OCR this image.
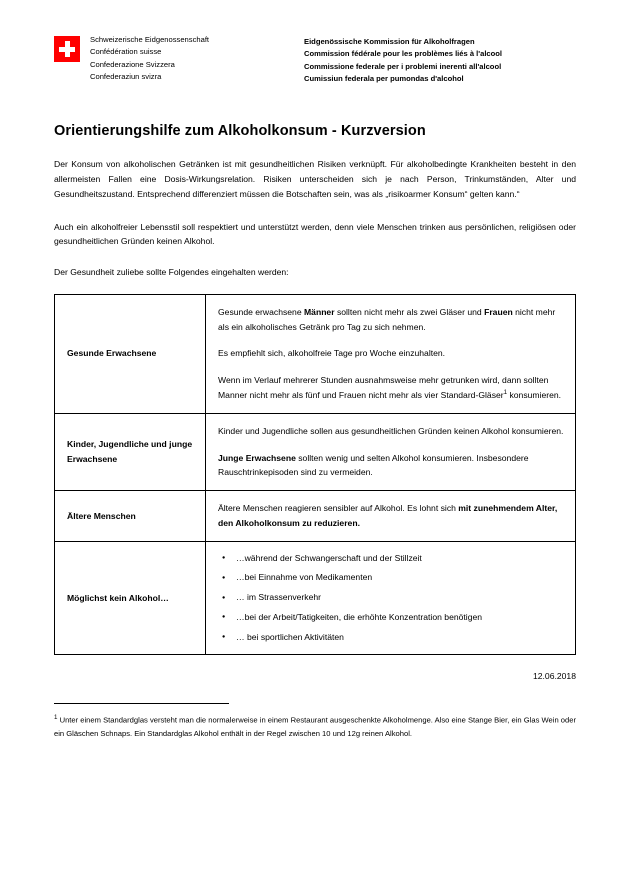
Schweizerische Eidgenossenschaft
Confédération suisse
Confederazione Svizzera
Confederaziun svizra
Eidgenössische Kommission für Alkoholfragen
Commission fédérale pour les problèmes liés à l'alcool
Commissione federale per i problemi inerenti all'alcool
Cumissiun federala per pumondas d'alcohol
Orientierungshilfe zum Alkoholkonsum - Kurzversion

Der Konsum von alkoholischen Getränken ist mit gesundheitlichen Risiken verknüpft. Für alkoholbedingte Krankheiten besteht in den allermeisten Fallen eine Dosis-Wirkungsrelation. Risiken unterscheiden sich je nach Person, Trinkumständen, Alter und Gesundheitszustand. Entsprechend differenziert müssen die Botschaften sein, was als „risikoarmer Konsum“ gelten kann.“

Auch ein alkoholfreier Lebensstil soll respektiert und unterstützt werden, denn viele Menschen trinken aus persönlichen, religiösen oder gesundheitlichen Gründen keinen Alkohol.

Der Gesundheit zuliebe sollte Folgendes eingehalten werden:

Gesunde Erwachsene	Gesunde erwachsene Männer sollten nicht mehr als zwei Gläser und Frauen nicht mehr als ein alkoholisches Getränk pro Tag zu sich nehmen.

Es empfiehlt sich, alkoholfreie Tage pro Woche einzuhalten.

Wenn im Verlauf mehrerer Stunden ausnahmsweise mehr getrunken wird, dann sollten Manner nicht mehr als fünf und Frauen nicht mehr als vier Standard-Gläser$^1$ konsumieren.

Kinder, Jugendliche und junge Erwachsene	Kinder und Jugendliche sollen aus gesundheitlichen Gründen keinen Alkohol konsumieren.

Junge Erwachsene sollten wenig und selten Alkohol konsumieren. Insbesondere Rauschtrinkepisoden sind zu vermeiden.

Ältere Menschen	Ältere Menschen reagieren sensibler auf Alkohol. Es lohnt sich mit zunehmendem Alter, den Alkoholkonsum zu reduzieren.

Möglichst kein Alkohol…	
● …während der Schwangerschaft und der Stillzeit
● …bei Einnahme von Medikamenten
● … im Strassenverkehr
● …bei der Arbeit/Tatigkeiten, die erhöhte Konzentration benötigen
● … bei sportlichen Aktivitäten
12.06.2018

$^1$ Unter einem Standardglas versteht man die normalerweise in einem Restaurant ausgeschenkte Alkoholmenge. Also eine Stange Bier, ein Glas Wein oder ein Gläschen Schnaps. Ein Standardglas Alkohol enthält in der Regel zwischen 10 und 12g reinen Alkohol.
